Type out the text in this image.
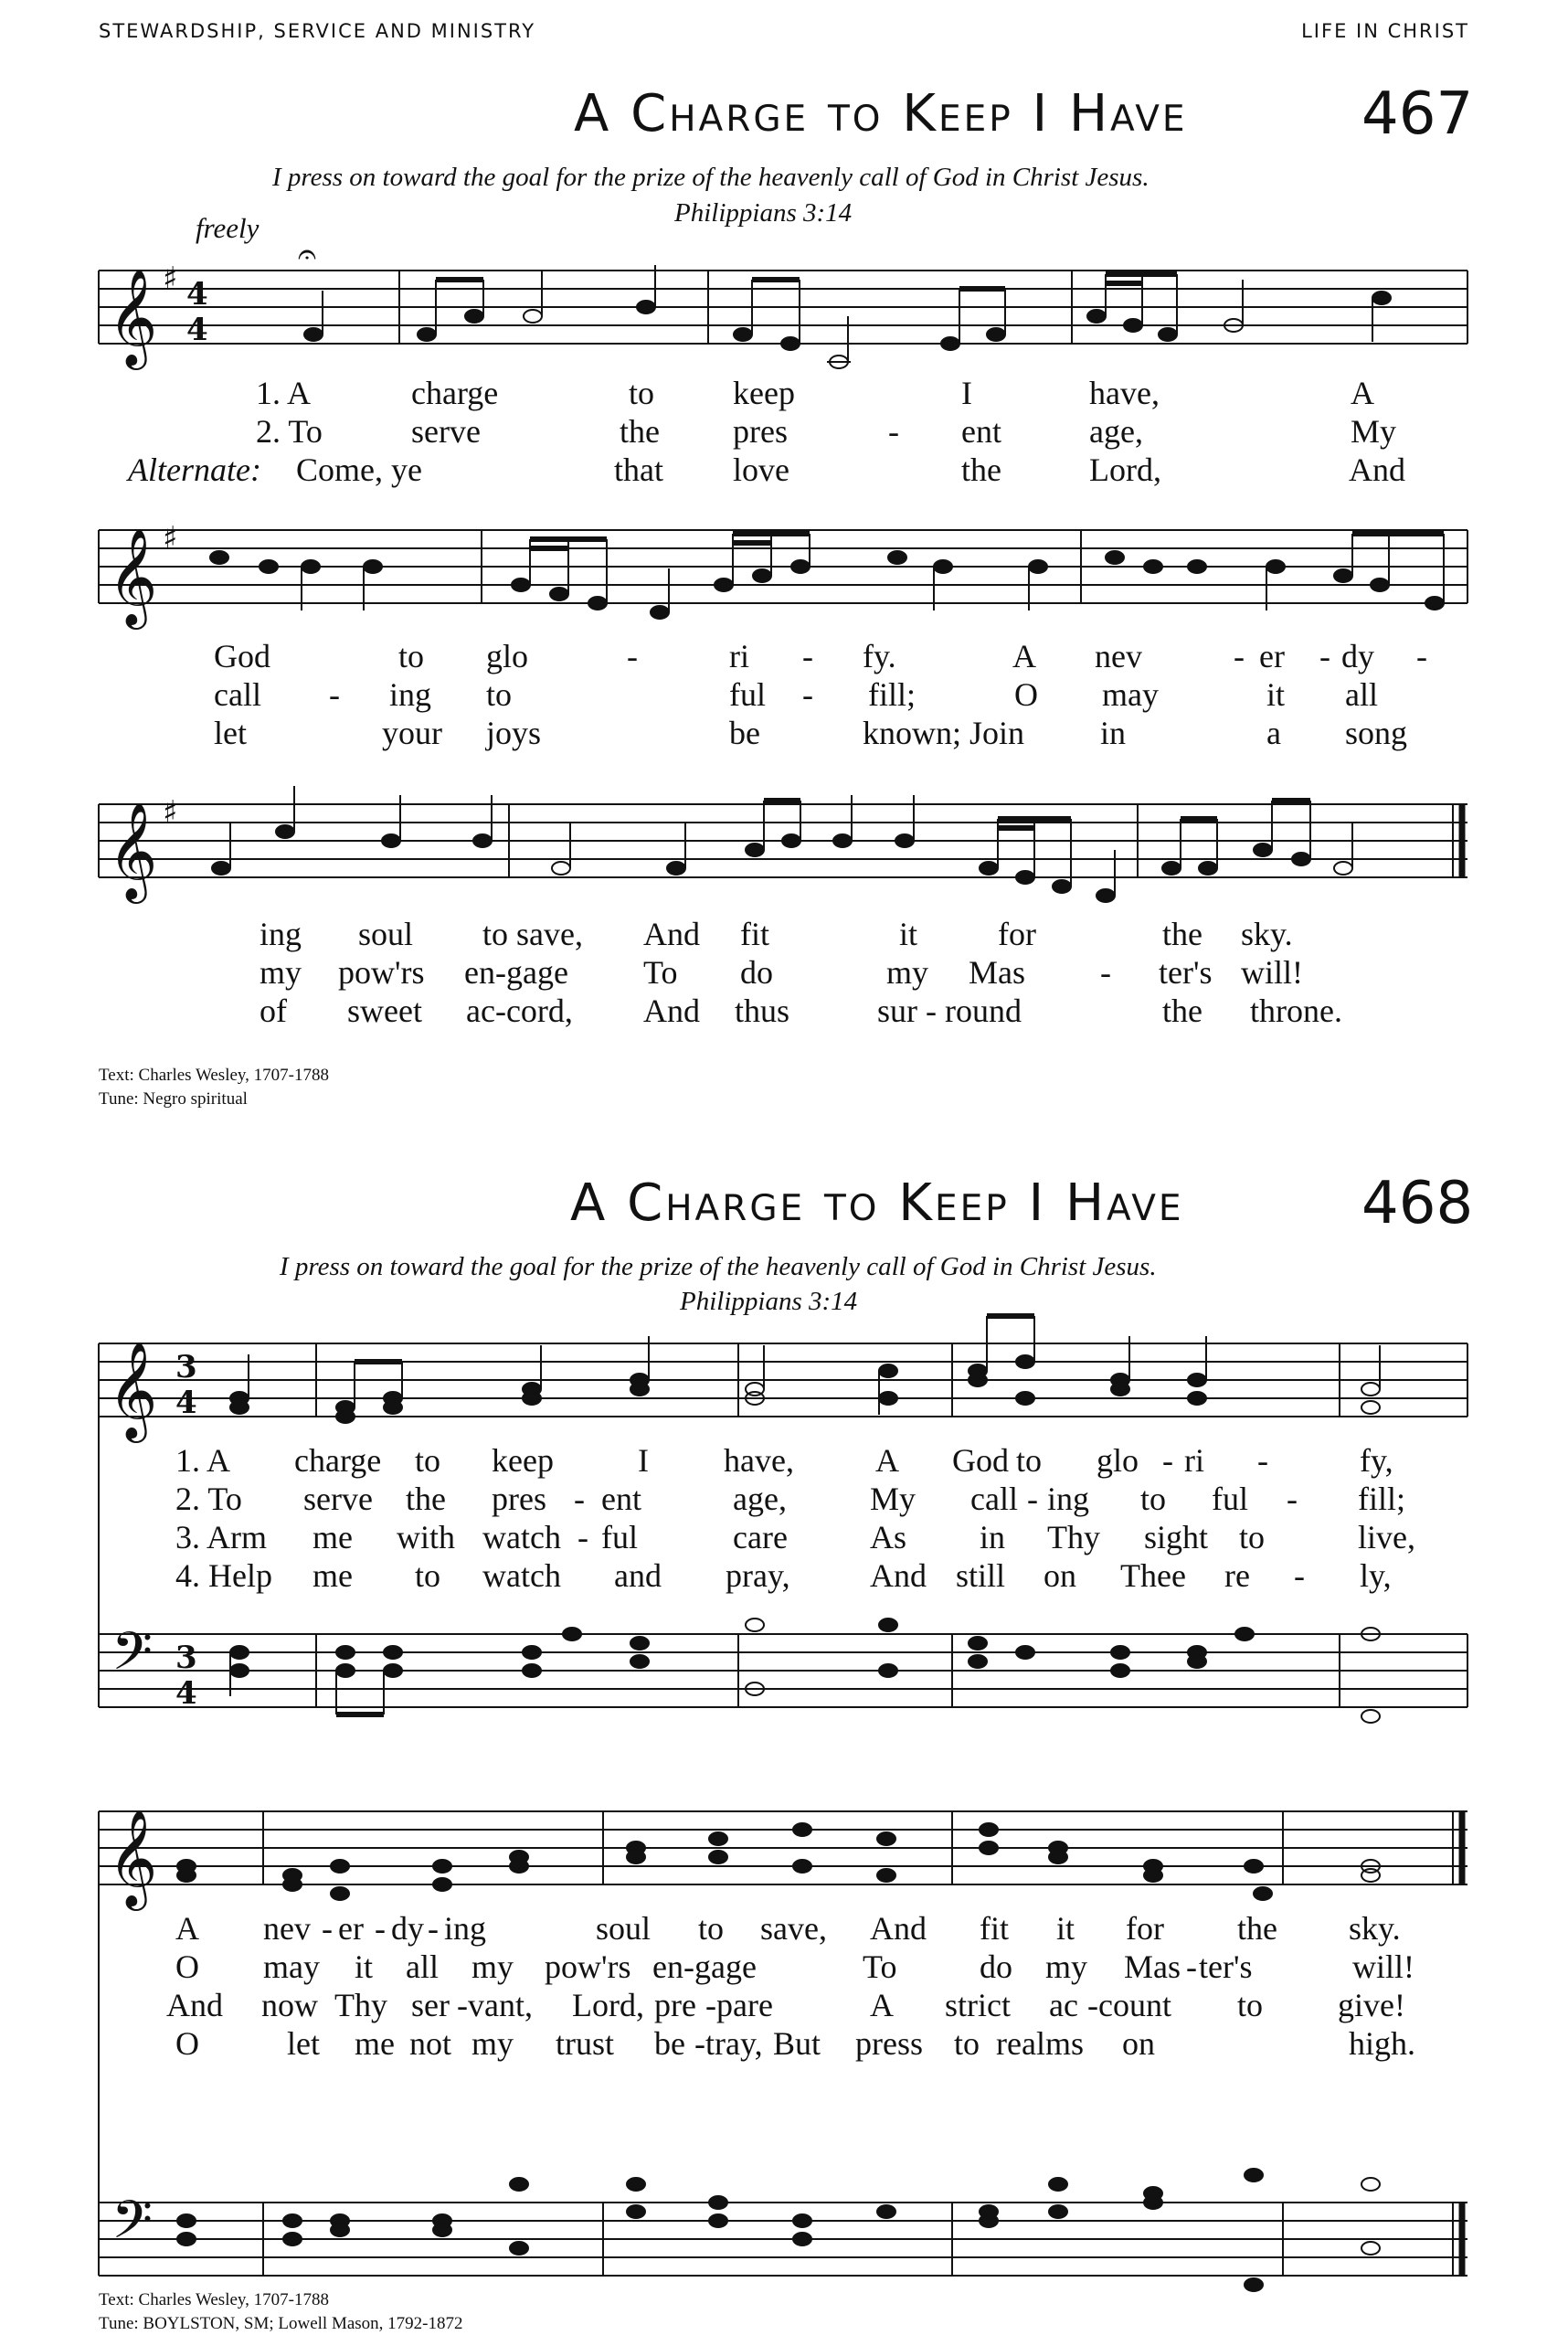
STEWARDSHIP, SERVICE AND MINISTRY	LIFE IN CHRIST
A Charge to Keep I Have	467
I press on toward the goal for the prize of the heavenly call of God in Christ Jesus.
Philippians 3:14
freely
𝄞
𝄞
𝄞
♯
♯
♯
4
4
𝄐
1. A	charge	to keep	I	have,	A
2. To	serve	the pres	- ent	age,	My
Alternate: Come, ye	that love	the	Lord,	And
God	to glo	-	ri - fy.	A nev	- er - dy -
call - ing to	ful - fill;	O may	it all
let	your joys	be	known; Join in	a song
ing soul to save, And fit	it for	the sky.
my pow'rs en-gage To do	my Mas - ter's will!
of sweet ac-cord, And thus	sur - round	the throne.
Text: Charles Wesley, 1707-1788
Tune: Negro spiritual
A Charge to Keep I Have	468
I press on toward the goal for the prize of the heavenly call of God in Christ Jesus.
Philippians 3:14
𝄞
𝄞
𝄢
𝄢
3
4
3
4
1. A charge to keep	I have, A God to glo - ri -	fy,
2. To serve the pres - ent	age,	My call - ing to ful - fill;
3. Arm me with watch - ful	care	As in Thy sight to	live,
4. Help me to watch and pray, And still on Thee re - ly,
A nev - er - dy - ing	soul to save, And fit it for the sky.
O may it all my pow'rs en - gage	To	do my Mas - ter's	will!
And now Thy ser - vant, Lord, pre - pare	A strict ac - count to give!
O	let me not my trust be - tray, But press to realms on	high.
Text: Charles Wesley, 1707-1788
Tune: BOYLSTON, SM; Lowell Mason, 1792-1872
